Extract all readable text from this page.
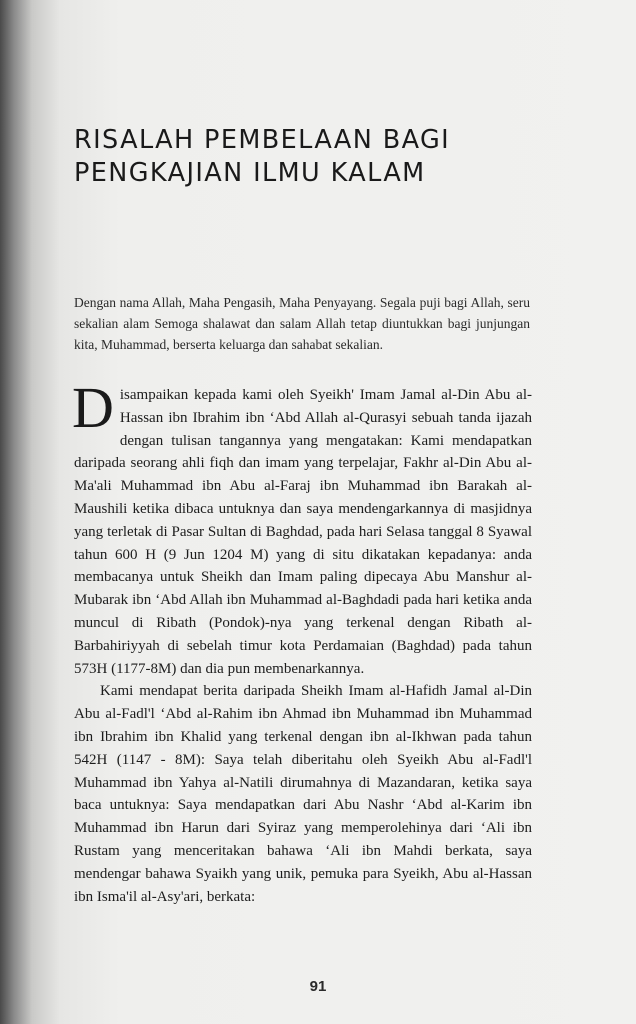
RISALAH PEMBELAAN BAGI
PENGKAJIAN ILMU KALAM

Dengan nama Allah, Maha Pengasih, Maha Penyayang. Segala puji bagi Allah, seru sekalian alam Semoga shalawat dan salam Allah tetap diuntukkan bagi junjungan kita, Muhammad, berserta keluarga dan sahabat sekalian.

Disampaikan kepada kami oleh Syeikh' Imam Jamal al-Din Abu al-Hassan ibn Ibrahim ibn ‘Abd Allah al-Qurasyi sebuah tanda ijazah dengan tulisan tangannya yang mengatakan: Kami mendapatkan daripada seorang ahli fiqh dan imam yang terpelajar, Fakhr al-Din Abu al-Ma'ali Muhammad ibn Abu al-Faraj ibn Muhammad ibn Barakah al-Maushili ketika dibaca untuknya dan saya mendengarkannya di masjidnya yang terletak di Pasar Sultan di Baghdad, pada hari Selasa tanggal 8 Syawal tahun 600 H (9 Jun 1204 M) yang di situ dikatakan kepadanya: anda membacanya untuk Sheikh dan Imam paling dipecaya Abu Manshur al-Mubarak ibn ‘Abd Allah ibn Muhammad al-Baghdadi pada hari ketika anda muncul di Ribath (Pondok)-nya yang terkenal dengan Ribath al-Barbahiriyyah di sebelah timur kota Perdamaian (Baghdad) pada tahun 573H (1177-8M) dan dia pun membenarkannya.

Kami mendapat berita daripada Sheikh Imam al-Hafidh Jamal al-Din Abu al-Fadl'l ‘Abd al-Rahim ibn Ahmad ibn Muhammad ibn Muhammad ibn Ibrahim ibn Khalid yang terkenal dengan ibn al-Ikhwan pada tahun 542H (1147 - 8M): Saya telah diberitahu oleh Syeikh Abu al-Fadl'l Muhammad ibn Yahya al-Natili dirumahnya di Mazandaran, ketika saya baca untuknya: Saya mendapatkan dari Abu Nashr ‘Abd al-Karim ibn Muhammad ibn Harun dari Syiraz yang memperolehinya dari ‘Ali ibn Rustam yang menceritakan bahawa ‘Ali ibn Mahdi berkata, saya mendengar bahawa Syaikh yang unik, pemuka para Syeikh, Abu al-Hassan ibn Isma'il al-Asy'ari, berkata:

91
